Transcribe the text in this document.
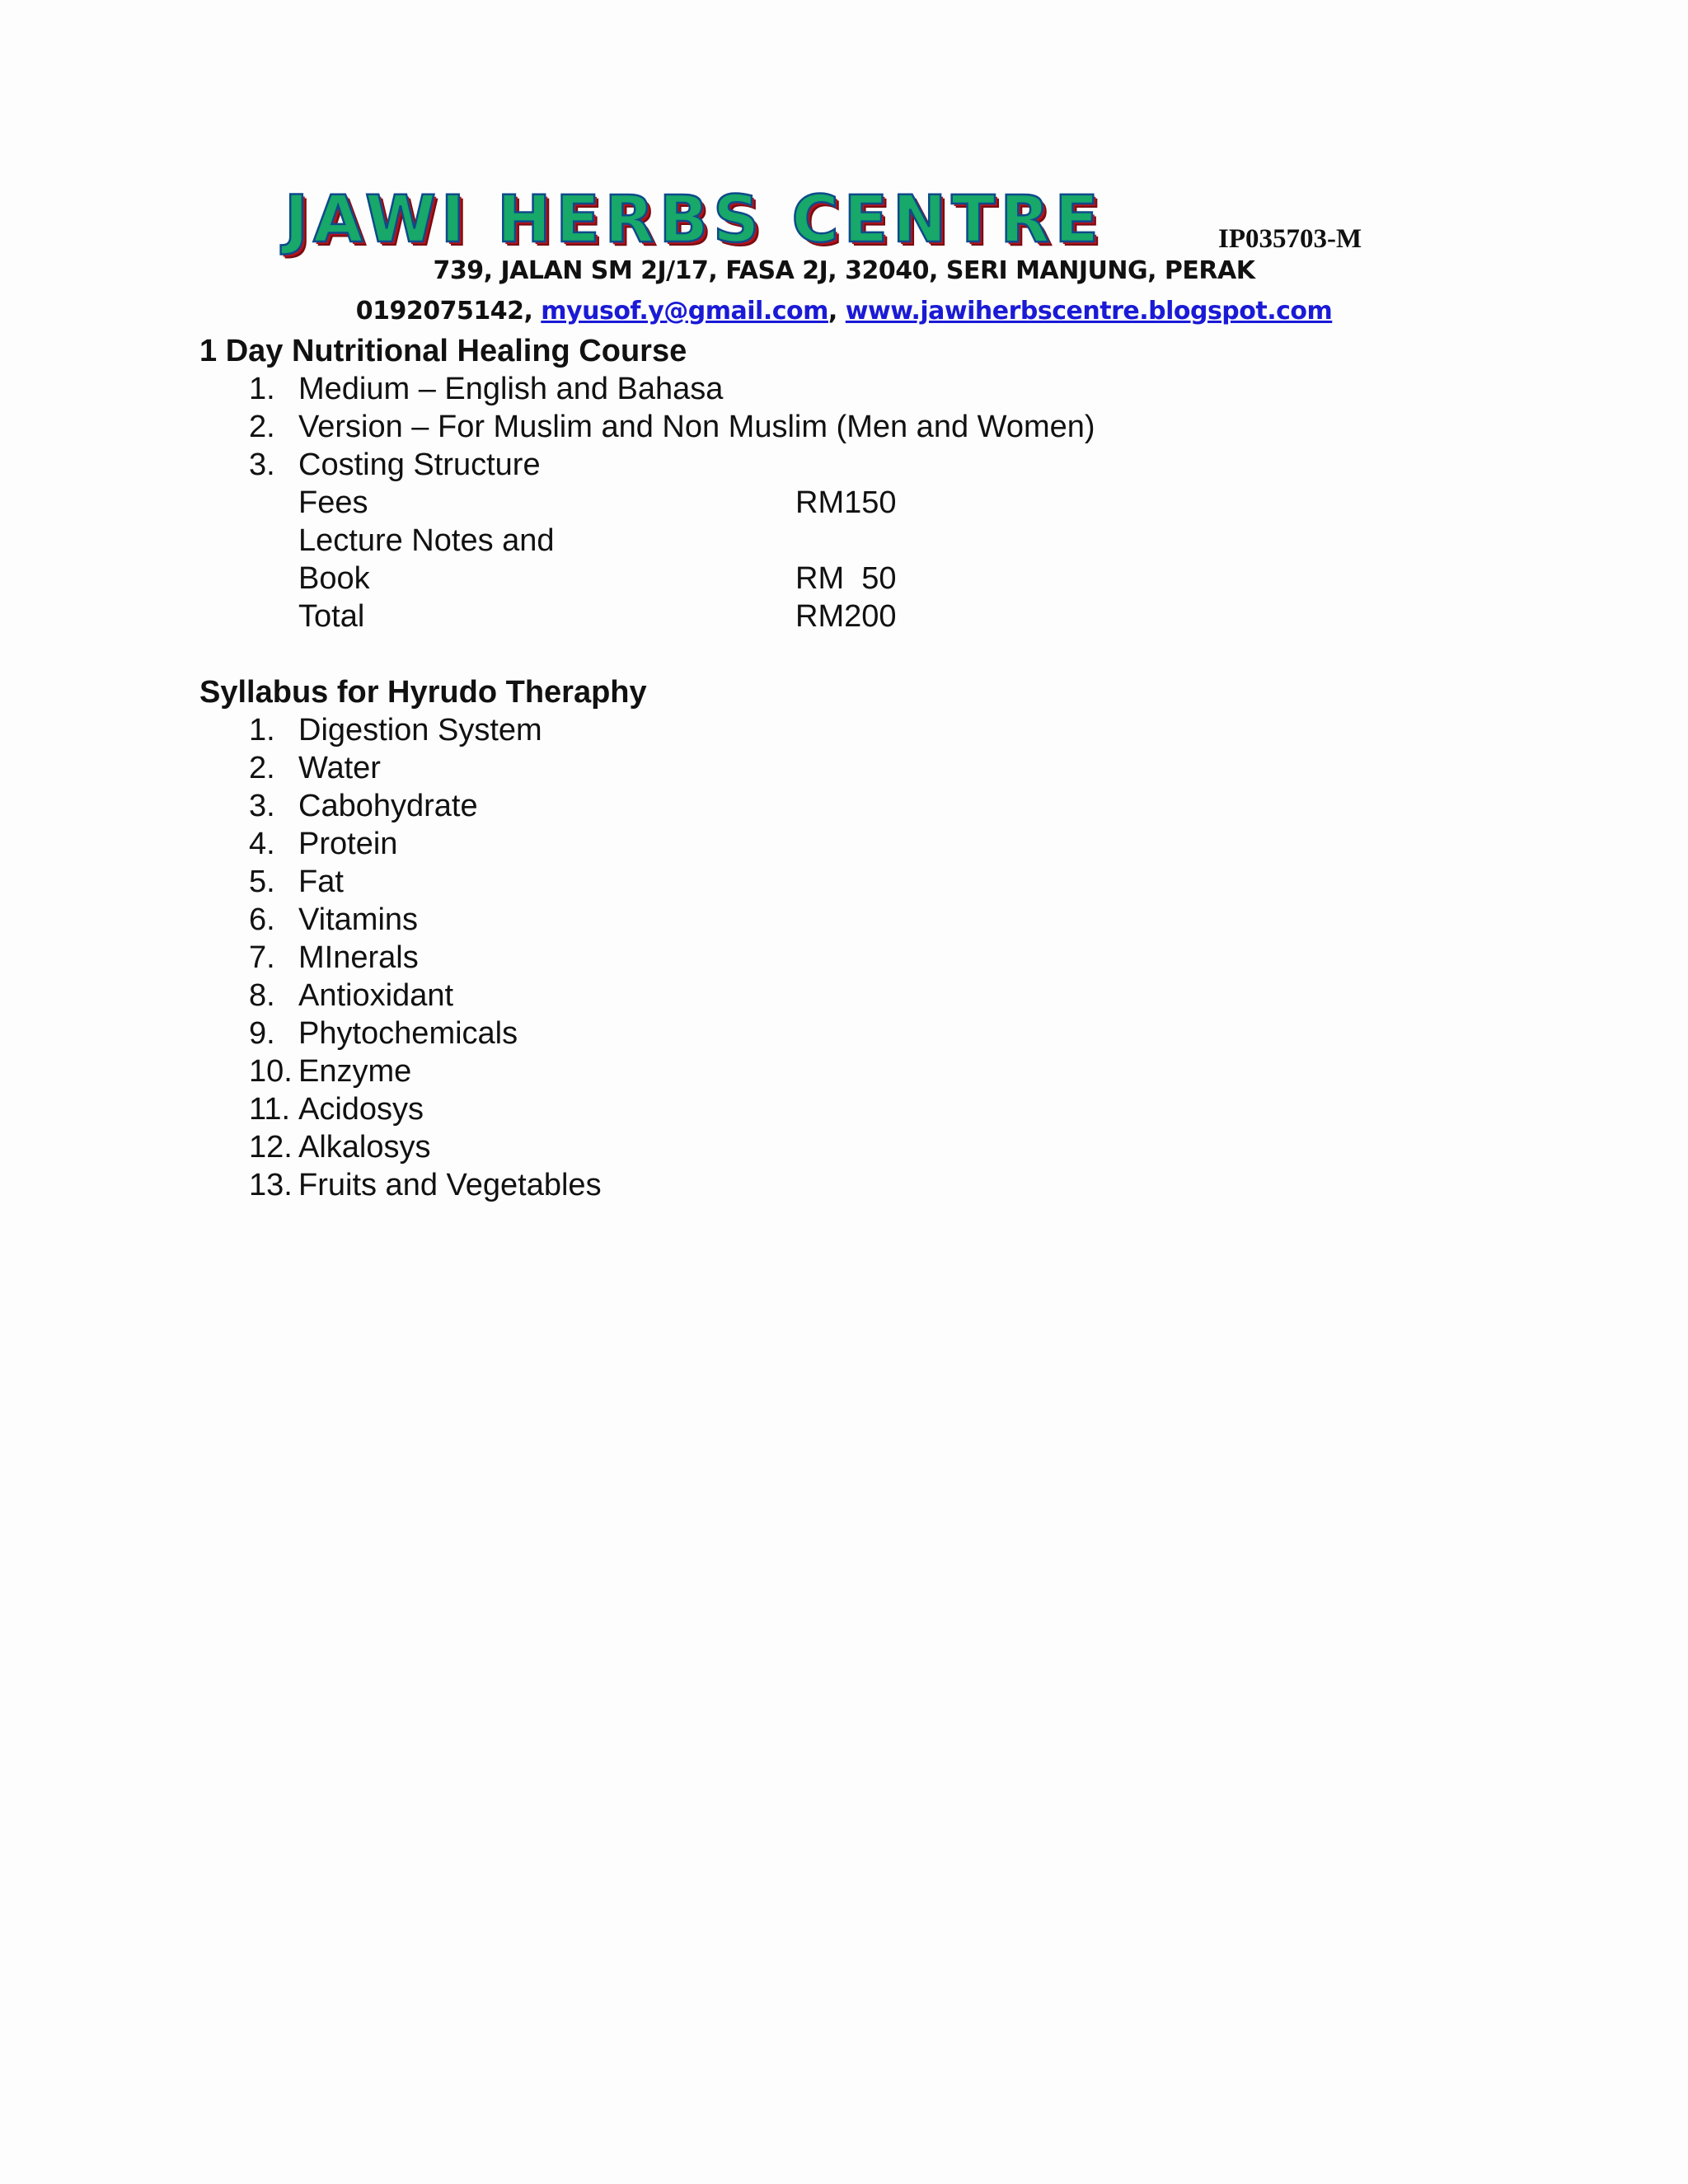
JAWI HERBS CENTRE	IP035703-M
739, JALAN SM 2J/17, FASA 2J, 32040, SERI MANJUNG, PERAK
0192075142, myusof.y@gmail.com, www.jawiherbscentre.blogspot.com
1 Day Nutritional Healing Course
1. Medium – English and Bahasa
2. Version – For Muslim and Non Muslim (Men and Women)
3. Costing Structure
Fees	RM150
Lecture Notes and
Book	RM  50
Total	RM200
Syllabus for Hyrudo Theraphy
1. Digestion System
2. Water
3. Cabohydrate
4. Protein
5. Fat
6. Vitamins
7. MInerals
8. Antioxidant
9. Phytochemicals
10. Enzyme
11. Acidosys
12. Alkalosys
13. Fruits and Vegetables
